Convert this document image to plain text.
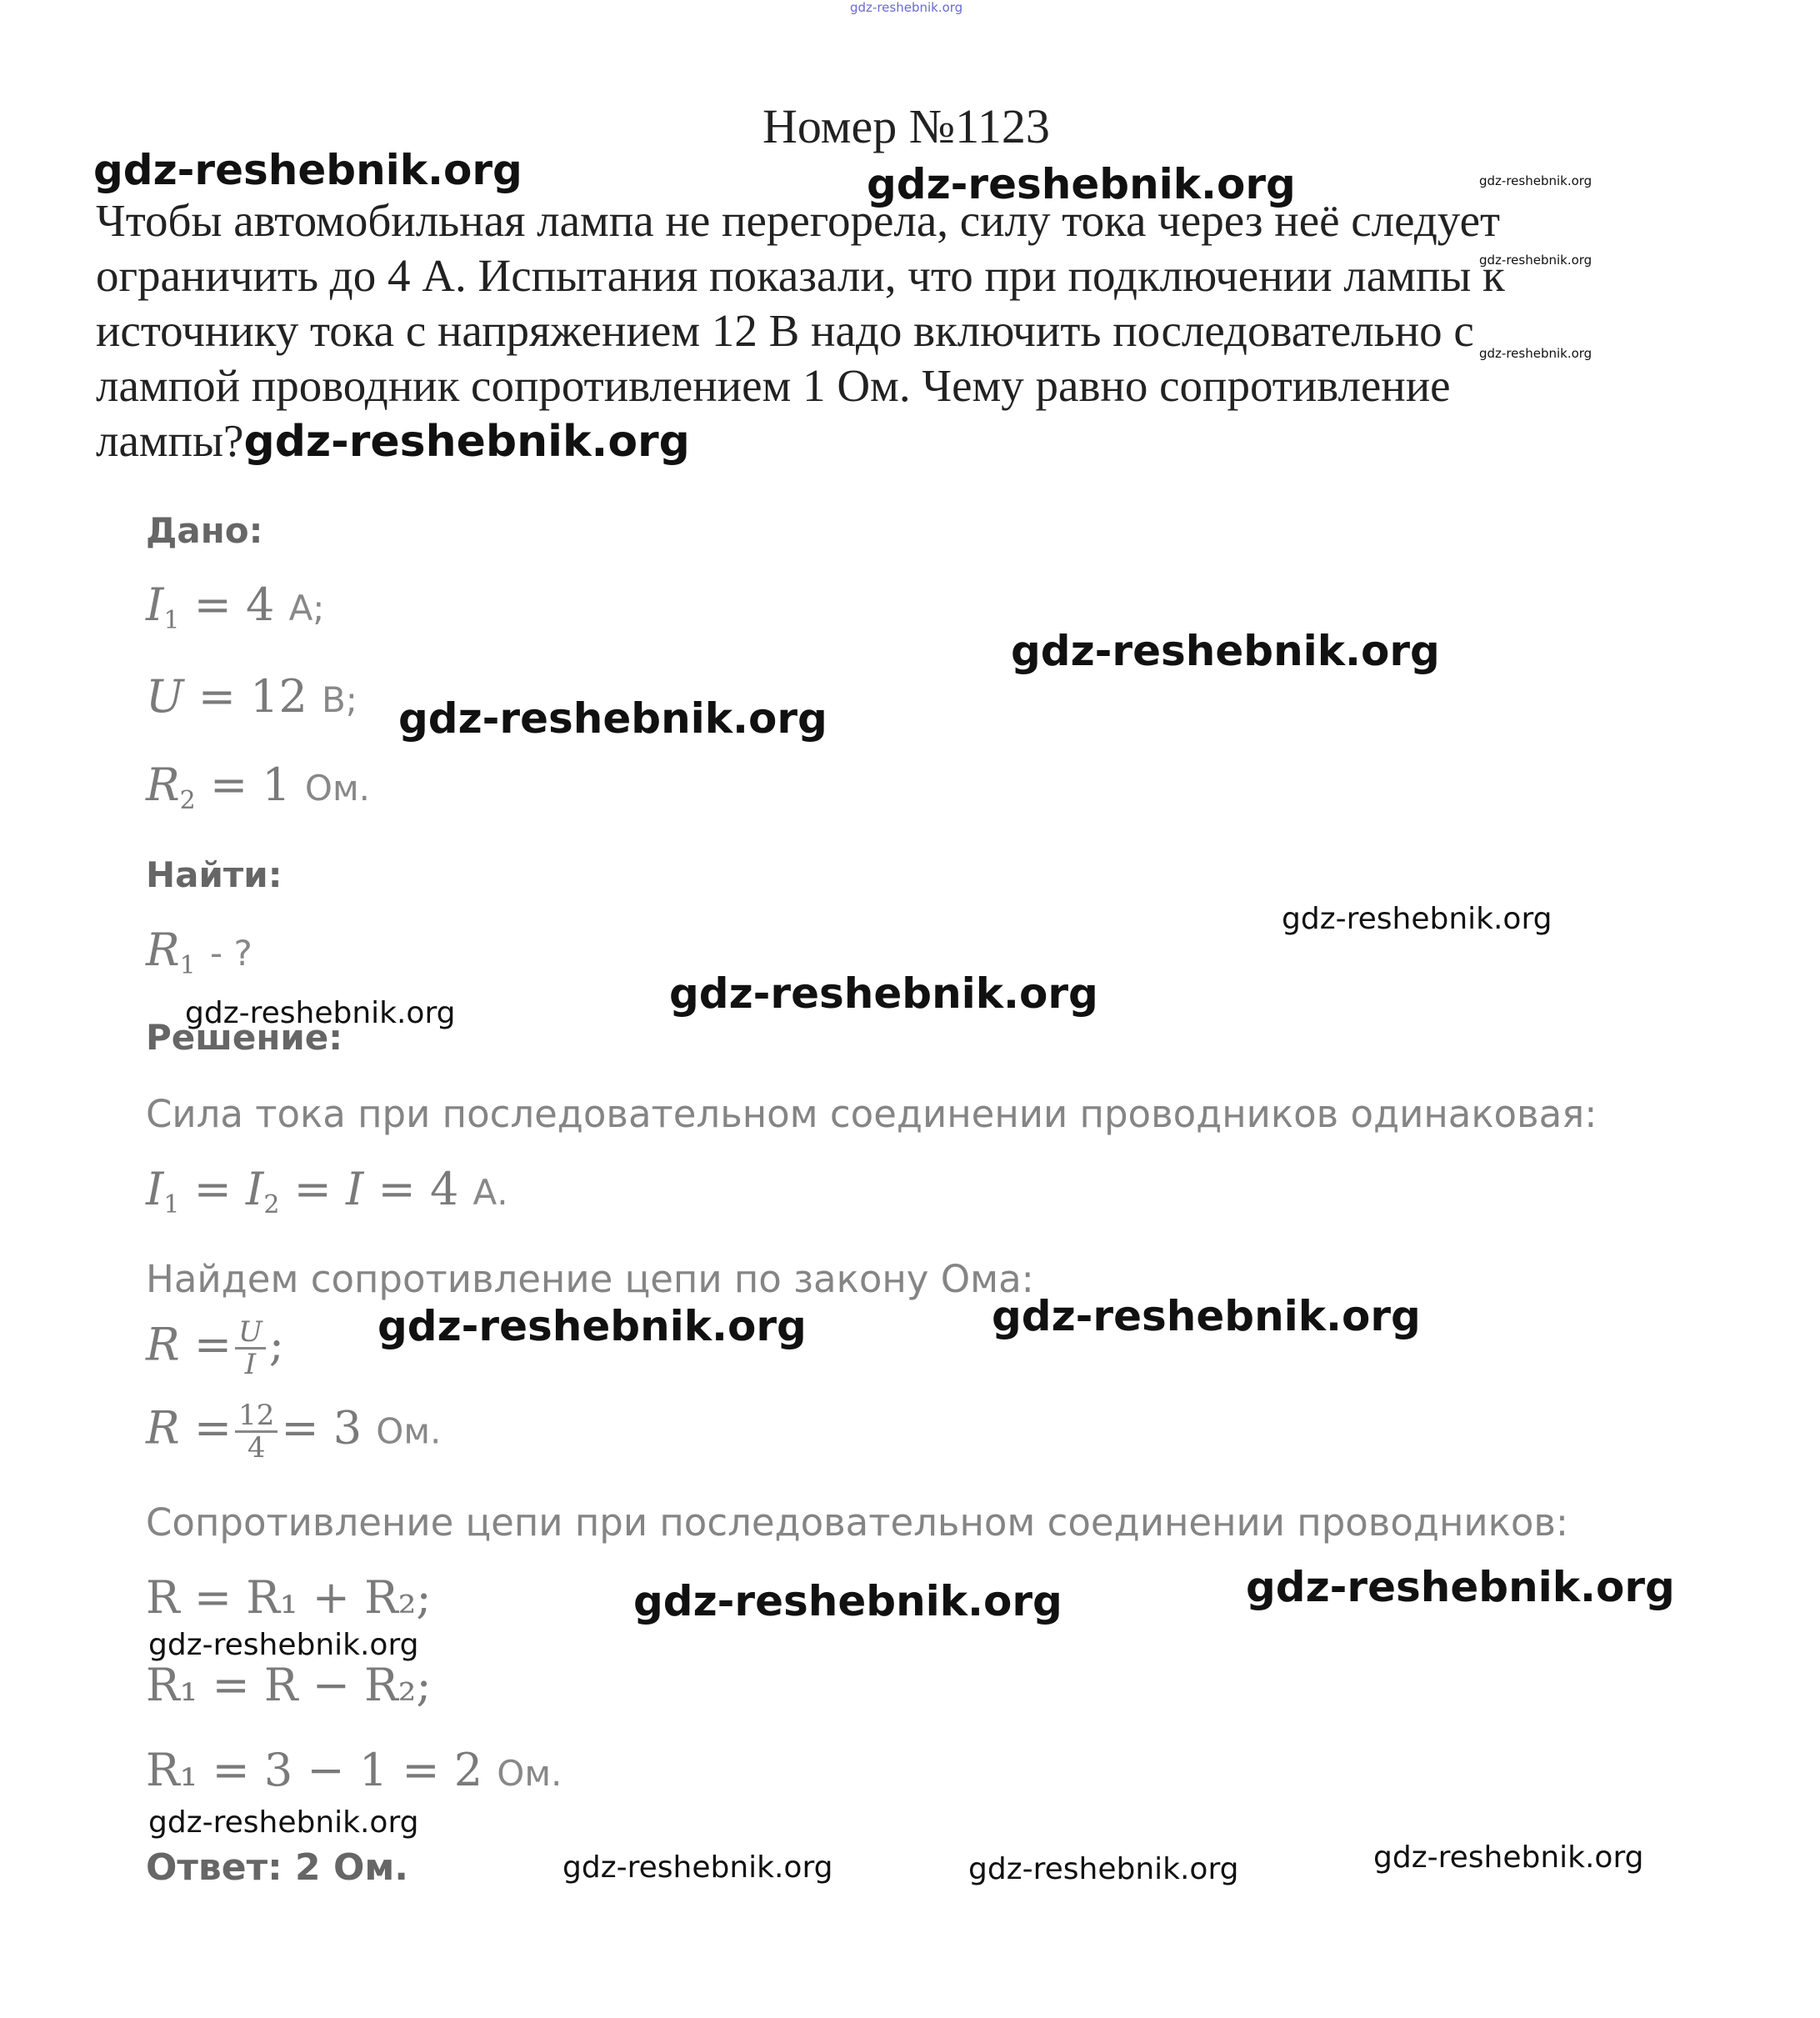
gdz-reshebnik.org
Номер №1123
Чтобы автомобильная лампа не перегорела, силу тока через неё следует
ограничить до 4 А. Испытания показали, что при подключении лампы к
источнику тока с напряжением 12 В надо включить последовательно с
лампой проводник сопротивлением 1 Ом. Чему равно сопротивление
лампы?gdz-reshebnik.org
Дано:
$I_1 = 4$ А;
U = 12 В;
$R_2 = 1$ Ом.
Найти:
$R_1$ - ?
Решение:
Сила тока при последовательном соединении проводников одинаковая:
$I_1 = I_2 = I = 4$ А.
Найдем сопротивление цепи по закону Ома:
$R = \frac{U}{I}$ ;
$R = \frac{12}{4} = 3$ Ом.
Сопротивление цепи при последовательном соединении проводников:
R = R₁ + R₂;
R₁ = R − R₂;
R₁ = 3 − 1 = 2 Ом.
Ответ: 2 Ом.
gdz-reshebnik.org	gdz-reshebnik.org	gdz-reshebnik.org
gdz-reshebnik.org
gdz-reshebnik.org
gdz-reshebnik.org
gdz-reshebnik.org
gdz-reshebnik.org
gdz-reshebnik.org
gdz-reshebnik.org
gdz-reshebnik.org
gdz-reshebnik.org
gdz-reshebnik.org
gdz-reshebnik.org
gdz-reshebnik.org
gdz-reshebnik.org
gdz-reshebnik.org
gdz-reshebnik.org	gdz-reshebnik.org
